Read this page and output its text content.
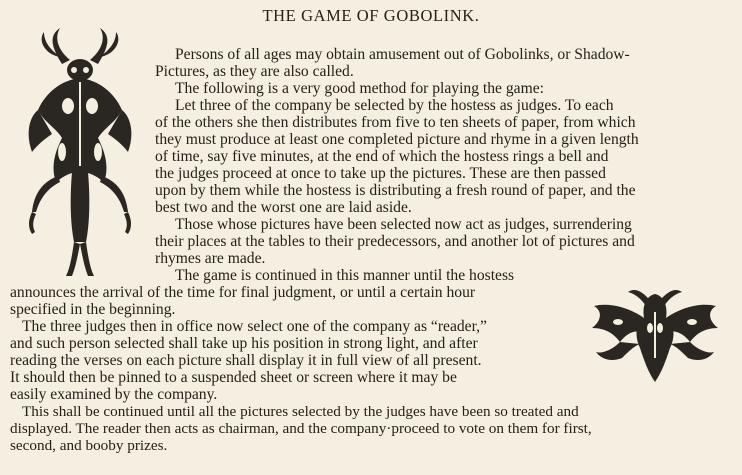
THE GAME OF GOBOLINK.

Persons of all ages may obtain amusement out of Gobolinks, or Shadow-

Pictures, as they are also called.

The following is a very good method for playing the game:

Let three of the company be selected by the hostess as judges. To each

of the others she then distributes from five to ten sheets of paper, from which

they must produce at least one completed picture and rhyme in a given length

of time, say five minutes, at the end of which the hostess rings a bell and

the judges proceed at once to take up the pictures. These are then passed

upon by them while the hostess is distributing a fresh round of paper, and the

best two and the worst one are laid aside.

Those whose pictures have been selected now act as judges, surrendering

their places at the tables to their predecessors, and another lot of pictures and

rhymes are made.

The game is continued in this manner until the hostess

announces the arrival of the time for final judgment, or until a certain hour

specified in the beginning.

The three judges then in office now select one of the company as “reader,”

and such person selected shall take up his position in strong light, and after

reading the verses on each picture shall display it in full view of all present.

It should then be pinned to a suspended sheet or screen where it may be

easily examined by the company.

This shall be continued until all the pictures selected by the judges have been so treated and

displayed. The reader then acts as chairman, and the company·proceed to vote on them for first,

second, and booby prizes.
